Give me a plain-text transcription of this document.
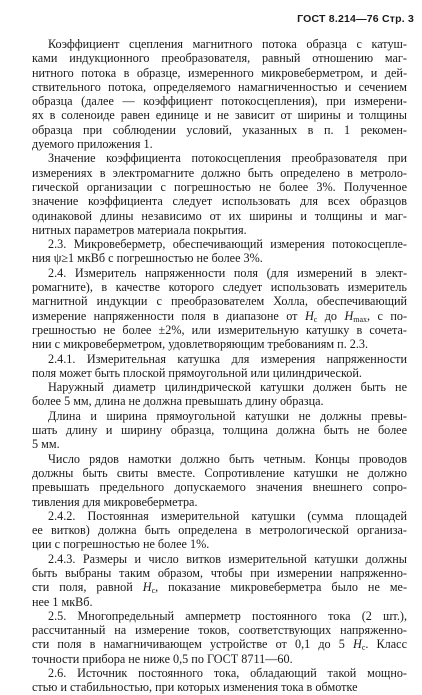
ГОСТ 8.214—76 Стр. 3
Коэффициент сцепления магнитного потока образца с катуш-
ками индукционного преобразователя, равный отношению маг-
нитного потока в образце, измеренного микровеберметром, и дей-
ствительного потока, определяемого намагниченностью и сечением
образца (далее — коэффициент потокосцепления), при измерени-
ях в соленоиде равен единице и не зависит от ширины и толщины
образца при соблюдении условий, указанных в п. 1 рекомен-
дуемого приложения 1.
Значение коэффициента потокосцепления преобразователя при
измерениях в электромагните должно быть определено в метроло-
гической организации с погрешностью не более 3%. Полученное
значение коэффициента следует использовать для всех образцов
одинаковой длины независимо от их ширины и толщины и маг-
нитных параметров материала покрытия.
2.3. Микровеберметр, обеспечивающий измерения потокосцепле-
ния ψ≥1 мкВб с погрешностью не более 3%.
2.4. Измеритель напряженности поля (для измерений в элект-
ромагните), в качестве которого следует использовать измеритель
магнитной индукции с преобразователем Холла, обеспечивающий
измерение напряженности поля в диапазоне от $H_c$ до $H_{max}$, с по-
грешностью не более ±2%, или измерительную катушку в сочета-
нии с микровеберметром, удовлетворяющим требованиям п. 2.3.
2.4.1. Измерительная катушка для измерения напряженности
поля может быть плоской прямоугольной или цилиндрической.
Наружный диаметр цилиндрической катушки должен быть не
более 5 мм, длина не должна превышать длину образца.
Длина и ширина прямоугольной катушки не должны превы-
шать длину и ширину образца, толщина должна быть не более
5 мм.
Число рядов намотки должно быть четным. Концы проводов
должны быть свиты вместе. Сопротивление катушки не должно
превышать предельного допускаемого значения внешнего сопро-
тивления для микровеберметра.
2.4.2. Постоянная измерительной катушки (сумма площадей
ее витков) должна быть определена в метрологической организа-
ции с погрешностью не более 1%.
2.4.3. Размеры и число витков измерительной катушки должны
быть выбраны таким образом, чтобы при измерении напряженно-
сти поля, равной $H_c$, показание микровеберметра было не ме-
нее 1 мкВб.
2.5. Многопредельный амперметр постоянного тока (2 шт.),
рассчитанный на измерение токов, соответствующих напряженно-
сти поля в намагничивающем устройстве от 0,1 до 5 $H_c$. Класс
точности прибора не ниже 0,5 по ГОСТ 8711—60.
2.6. Источник постоянного тока, обладающий такой мощно-
стью и стабильностью, при которых изменения тока в обмотке
